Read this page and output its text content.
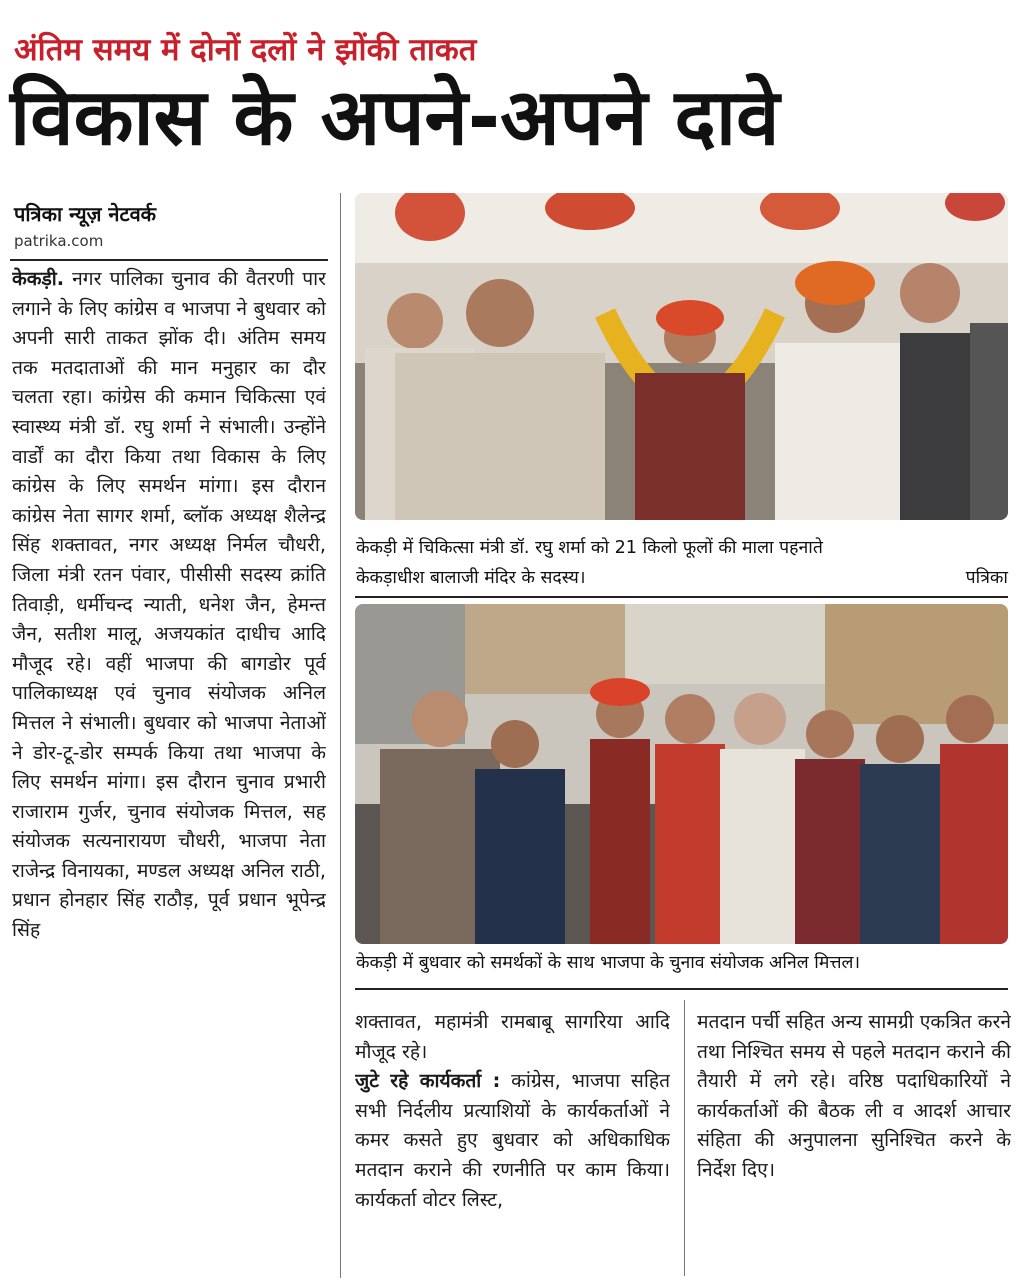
अंतिम समय में दोनों दलों ने झोंकी ताकत
विकास के अपने-अपने दावे
पत्रिका न्यूज़ नेटवर्क
patrika.com

केकड़ी. नगर पालिका चुनाव की वैतरणी पार लगाने के लिए कांग्रेस व भाजपा ने बुधवार को अपनी सारी ताकत झोंक दी। अंतिम समय तक मतदाताओं की मान मनुहार का दौर चलता रहा। कांग्रेस की कमान चिकित्सा एवं स्वास्थ्य मंत्री डॉ. रघु शर्मा ने संभाली। उन्होंने वार्डों का दौरा किया तथा विकास के लिए कांग्रेस के लिए समर्थन मांगा। इस दौरान कांग्रेस नेता सागर शर्मा, ब्लॉक अध्यक्ष शैलेन्द्र सिंह शक्तावत, नगर अध्यक्ष निर्मल चौधरी, जिला मंत्री रतन पंवार, पीसीसी सदस्य क्रांति तिवाड़ी, धर्मीचन्द न्याती, धनेश जैन, हेमन्त जैन, सतीश मालू, अजयकांत दाधीच आदि मौजूद रहे। वहीं भाजपा की बागडोर पूर्व पालिकाध्यक्ष एवं चुनाव संयोजक अनिल मित्तल ने संभाली। बुधवार को भाजपा नेताओं ने डोर-टू-डोर सम्पर्क किया तथा भाजपा के लिए समर्थन मांगा। इस दौरान चुनाव प्रभारी राजाराम गुर्जर, चुनाव संयोजक मित्तल, सह संयोजक सत्यनारायण चौधरी, भाजपा नेता राजेन्द्र विनायका, मण्डल अध्यक्ष अनिल राठी, प्रधान होनहार सिंह राठौड़, पूर्व प्रधान भूपेन्द्र सिंह

केकड़ी में चिकित्सा मंत्री डॉ. रघु शर्मा को 21 किलो फूलों की माला पहनाते
केकड़ाधीश बालाजी मंदिर के सदस्य।	पत्रिका
केकड़ी में बुधवार को समर्थकों के साथ भाजपा के चुनाव संयोजक अनिल मित्तल।

शक्तावत, महामंत्री रामबाबू सागरिया आदि मौजूद रहे।

जुटे रहे कार्यकर्ता : कांग्रेस, भाजपा सहित सभी निर्दलीय प्रत्याशियों के कार्यकर्ताओं ने कमर कसते हुए बुधवार को अधिकाधिक मतदान कराने की रणनीति पर काम किया। कार्यकर्ता वोटर लिस्ट,

मतदान पर्ची सहित अन्य सामग्री एकत्रित करने तथा निश्चित समय से पहले मतदान कराने की तैयारी में लगे रहे। वरिष्ठ पदाधिकारियों ने कार्यकर्ताओं की बैठक ली व आदर्श आचार संहिता की अनुपालना सुनिश्चित करने के निर्देश दिए।
